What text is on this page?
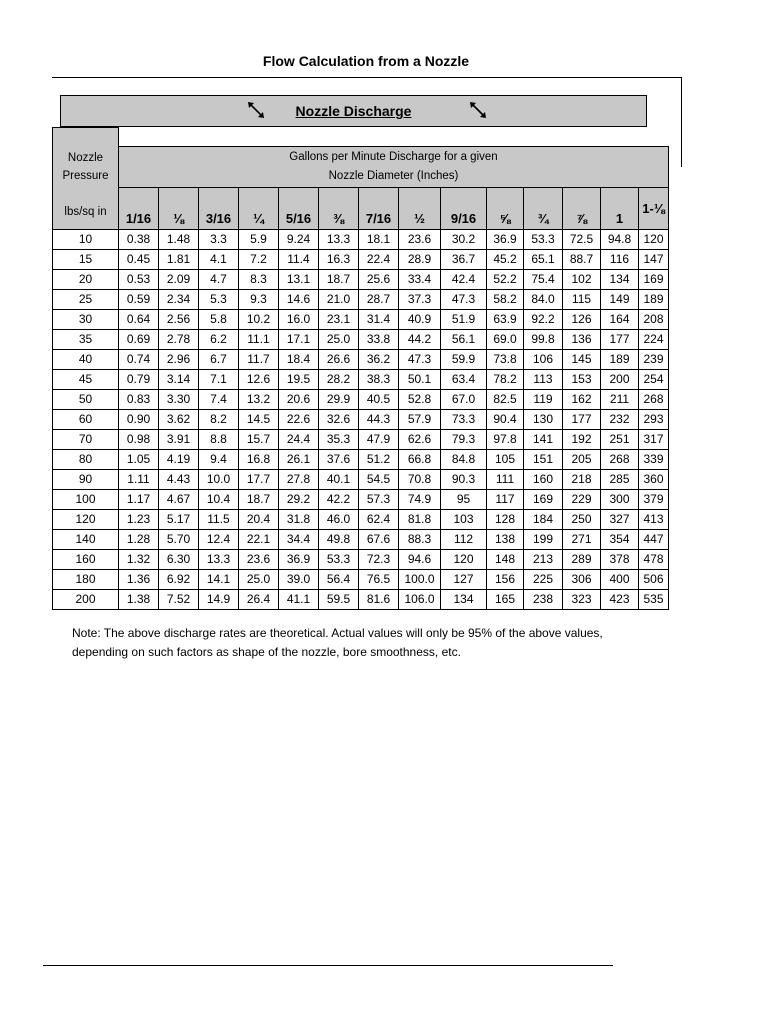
Flow Calculation from a Nozzle
Nozzle Discharge
Nozzle
Pressure
lbs/sq in														

	Gallons per Minute Discharge for a given
Nozzle Diameter (Inches)													

	1/16	⅛	3/16	¼	5/16	⅜	7/16	½	9/16	⅝	¾	⅞	1	1-⅛
10	0.38	1.48	3.3	5.9	9.24	13.3	18.1	23.6	30.2	36.9	53.3	72.5	94.8	120
15	0.45	1.81	4.1	7.2	11.4	16.3	22.4	28.9	36.7	45.2	65.1	88.7	116	147
20	0.53	2.09	4.7	8.3	13.1	18.7	25.6	33.4	42.4	52.2	75.4	102	134	169
25	0.59	2.34	5.3	9.3	14.6	21.0	28.7	37.3	47.3	58.2	84.0	115	149	189
30	0.64	2.56	5.8	10.2	16.0	23.1	31.4	40.9	51.9	63.9	92.2	126	164	208
35	0.69	2.78	6.2	11.1	17.1	25.0	33.8	44.2	56.1	69.0	99.8	136	177	224
40	0.74	2.96	6.7	11.7	18.4	26.6	36.2	47.3	59.9	73.8	106	145	189	239
45	0.79	3.14	7.1	12.6	19.5	28.2	38.3	50.1	63.4	78.2	113	153	200	254
50	0.83	3.30	7.4	13.2	20.6	29.9	40.5	52.8	67.0	82.5	119	162	211	268
60	0.90	3.62	8.2	14.5	22.6	32.6	44.3	57.9	73.3	90.4	130	177	232	293
70	0.98	3.91	8.8	15.7	24.4	35.3	47.9	62.6	79.3	97.8	141	192	251	317
80	1.05	4.19	9.4	16.8	26.1	37.6	51.2	66.8	84.8	105	151	205	268	339
90	1.11	4.43	10.0	17.7	27.8	40.1	54.5	70.8	90.3	111	160	218	285	360
100	1.17	4.67	10.4	18.7	29.2	42.2	57.3	74.9	95	117	169	229	300	379
120	1.23	5.17	11.5	20.4	31.8	46.0	62.4	81.8	103	128	184	250	327	413
140	1.28	5.70	12.4	22.1	34.4	49.8	67.6	88.3	112	138	199	271	354	447
160	1.32	6.30	13.3	23.6	36.9	53.3	72.3	94.6	120	148	213	289	378	478
180	1.36	6.92	14.1	25.0	39.0	56.4	76.5	100.0	127	156	225	306	400	506
200	1.38	7.52	14.9	26.4	41.1	59.5	81.6	106.0	134	165	238	323	423	535
Note: The above discharge rates are theoretical. Actual values will only be 95% of the above values,
depending on such factors as shape of the nozzle, bore smoothness, etc.
